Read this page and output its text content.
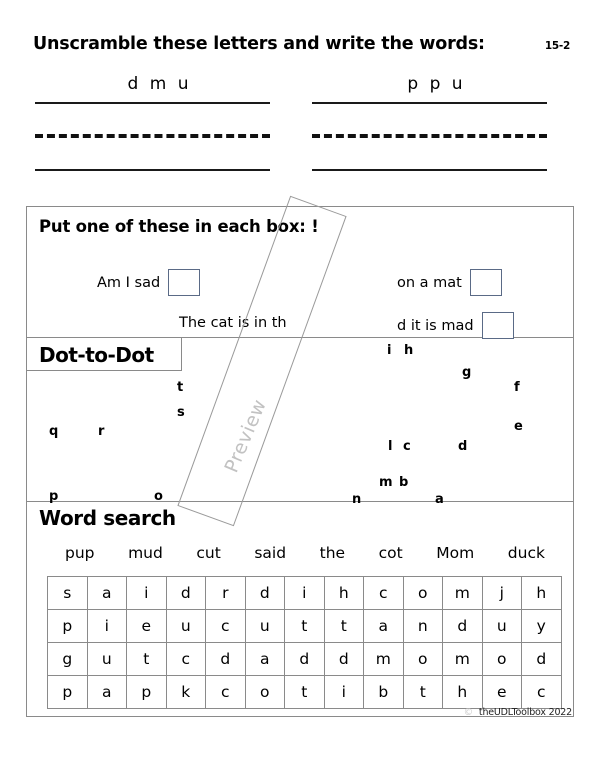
Unscramble these letters and write the words:	15-2
d m u	p p u
Put one of these in each box: !
Am I sad	on a mat
The cat is in th	d it is mad
Dot-to-Dot
t
s
q	r
p	o
i h
g
f
e
l c	d
m b
n	a
Word search
pup mud cut said the cot Mom duck
s	a	i	d	r	d	i	h	c	o	m	j	h
p	i	e	u	c	u	t	t	a	n	d	u	y
g	u	t	c	d	a	d	d	m	o	m	o	d
p	a	p	k	c	o	t	i	b	t	h	e	c
© theUDLToolbox 2022
Preview
